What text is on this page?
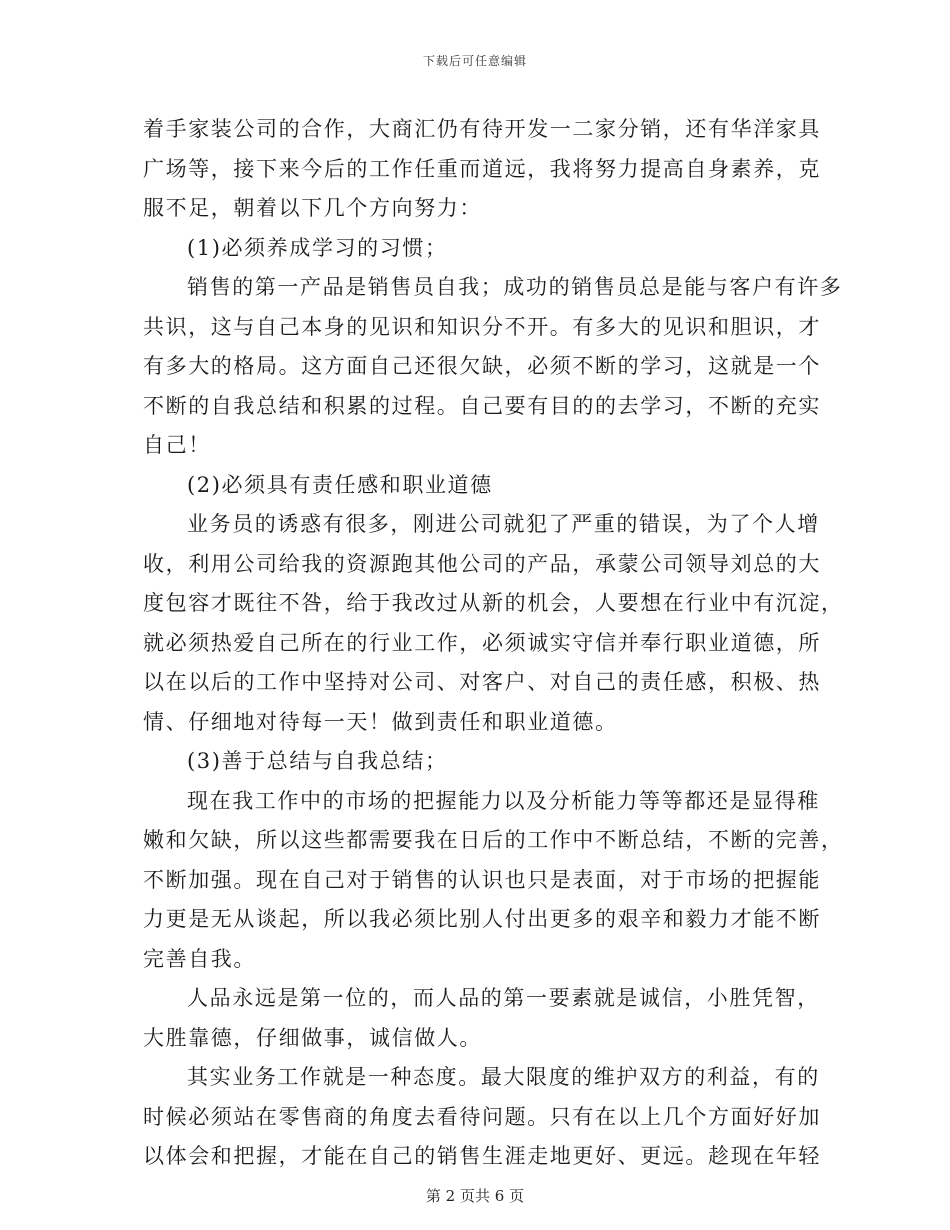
下载后可任意编辑
着手家装公司的合作，大商汇仍有待开发一二家分销，还有华洋家具
广场等，接下来今后的工作任重而道远，我将努力提高自身素养，克
服不足，朝着以下几个方向努力：
(1)必须养成学习的习惯；
销售的第一产品是销售员自我；成功的销售员总是能与客户有许多
共识，这与自己本身的见识和知识分不开。有多大的见识和胆识，才
有多大的格局。这方面自己还很欠缺，必须不断的学习，这就是一个
不断的自我总结和积累的过程。自己要有目的的去学习，不断的充实
自己！
(2)必须具有责任感和职业道德
业务员的诱惑有很多，刚进公司就犯了严重的错误，为了个人增
收，利用公司给我的资源跑其他公司的产品，承蒙公司领导刘总的大
度包容才既往不咎，给于我改过从新的机会，人要想在行业中有沉淀，
就必须热爱自己所在的行业工作，必须诚实守信并奉行职业道德，所
以在以后的工作中坚持对公司、对客户、对自己的责任感，积极、热
情、仔细地对待每一天！做到责任和职业道德。
(3)善于总结与自我总结；
现在我工作中的市场的把握能力以及分析能力等等都还是显得稚
嫩和欠缺，所以这些都需要我在日后的工作中不断总结，不断的完善，
不断加强。现在自己对于销售的认识也只是表面，对于市场的把握能
力更是无从谈起，所以我必须比别人付出更多的艰辛和毅力才能不断
完善自我。
人品永远是第一位的，而人品的第一要素就是诚信，小胜凭智，
大胜靠德，仔细做事，诚信做人。
其实业务工作就是一种态度。最大限度的维护双方的利益，有的
时候必须站在零售商的角度去看待问题。只有在以上几个方面好好加
以体会和把握，才能在自己的销售生涯走地更好、更远。趁现在年轻
第 2 页共 6 页
